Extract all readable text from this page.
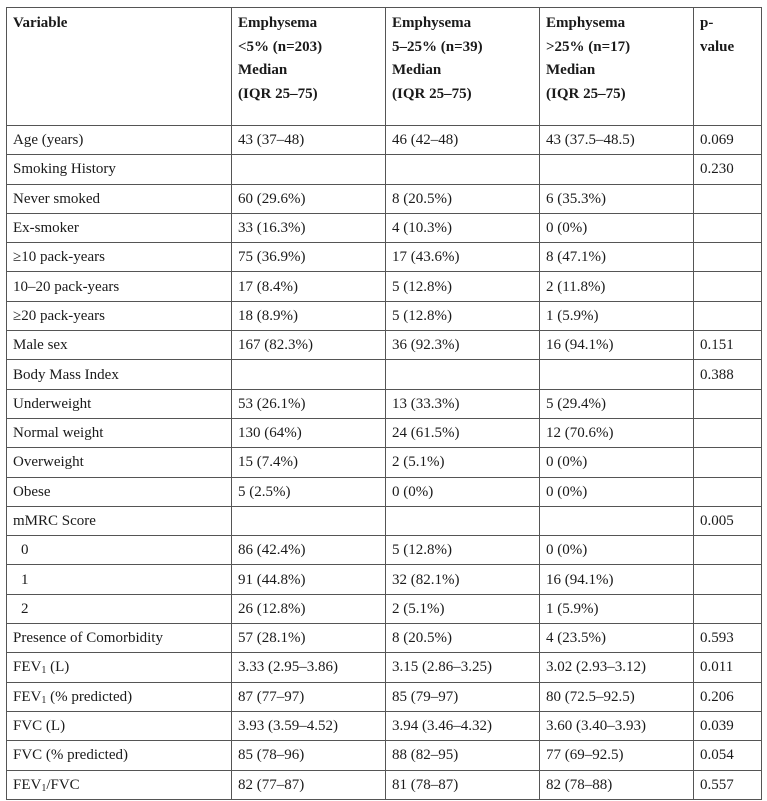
Variable	Emphysema
<5% (n=203)
Median
(IQR 25–75)	Emphysema
5–25% (n=39)
Median
(IQR 25–75)	Emphysema
>25% (n=17)
Median
(IQR 25–75)	p-
value

Age (years)	43 (37–48)	46 (42–48)	43 (37.5–48.5)	0.069
Smoking History				0.230
Never smoked	60 (29.6%)	8 (20.5%)	6 (35.3%)	
Ex-smoker	33 (16.3%)	4 (10.3%)	0 (0%)	
≥10 pack-years	75 (36.9%)	17 (43.6%)	8 (47.1%)	
10–20 pack-years	17 (8.4%)	5 (12.8%)	2 (11.8%)	
≥20 pack-years	18 (8.9%)	5 (12.8%)	1 (5.9%)	
Male sex	167 (82.3%)	36 (92.3%)	16 (94.1%)	0.151
Body Mass Index				0.388
Underweight	53 (26.1%)	13 (33.3%)	5 (29.4%)	
Normal weight	130 (64%)	24 (61.5%)	12 (70.6%)	
Overweight	15 (7.4%)	2 (5.1%)	0 (0%)	
Obese	5 (2.5%)	0 (0%)	0 (0%)	
mMRC Score				0.005
0	86 (42.4%)	5 (12.8%)	0 (0%)	
1	91 (44.8%)	32 (82.1%)	16 (94.1%)	
2	26 (12.8%)	2 (5.1%)	1 (5.9%)	
Presence of Comorbidity	57 (28.1%)	8 (20.5%)	4 (23.5%)	0.593
$FEV_1$ (L)	3.33 (2.95–3.86)	3.15 (2.86–3.25)	3.02 (2.93–3.12)	0.011
$FEV_1$ (% predicted)	87 (77–97)	85 (79–97)	80 (72.5–92.5)	0.206
FVC (L)	3.93 (3.59–4.52)	3.94 (3.46–4.32)	3.60 (3.40–3.93)	0.039
FVC (% predicted)	85 (78–96)	88 (82–95)	77 (69–92.5)	0.054
$FEV_1$/FVC	82 (77–87)	81 (78–87)	82 (78–88)	0.557
